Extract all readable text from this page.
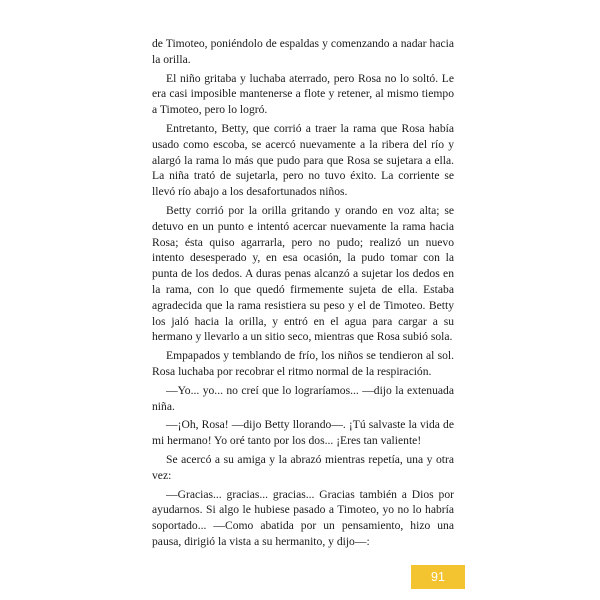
de Timoteo, poniéndolo de espaldas y comenzando a nadar hacia la orilla.

El niño gritaba y luchaba aterrado, pero Rosa no lo soltó. Le era casi imposible mantenerse a flote y retener, al mismo tiempo a Timoteo, pero lo logró.

Entretanto, Betty, que corrió a traer la rama que Rosa había usado como escoba, se acercó nuevamente a la ribera del río y alargó la rama lo más que pudo para que Rosa se sujetara a ella. La niña trató de sujetarla, pero no tuvo éxito. La corriente se llevó río abajo a los desafortunados niños.

Betty corrió por la orilla gritando y orando en voz alta; se detuvo en un punto e intentó acercar nuevamente la rama hacia Rosa; ésta quiso agarrarla, pero no pudo; realizó un nuevo intento desesperado y, en esa ocasión, la pudo tomar con la punta de los dedos. A duras penas alcanzó a sujetar los dedos en la rama, con lo que quedó firmemente sujeta de ella. Estaba agradecida que la rama resistiera su peso y el de Timoteo. Betty los jaló hacia la orilla, y entró en el agua para cargar a su hermano y llevarlo a un sitio seco, mientras que Rosa subió sola.

Empapados y temblando de frío, los niños se tendieron al sol. Rosa luchaba por recobrar el ritmo normal de la respiración.

—Yo... yo... no creí que lo lograríamos... —dijo la extenuada niña.

—¡Oh, Rosa! —dijo Betty llorando—. ¡Tú salvaste la vida de mi hermano! Yo oré tanto por los dos... ¡Eres tan valiente!

Se acercó a su amiga y la abrazó mientras repetía, una y otra vez:

—Gracias... gracias... gracias... Gracias también a Dios por ayudarnos. Si algo le hubiese pasado a Timoteo, yo no lo habría soportado... —Como abatida por un pensamiento, hizo una pausa, dirigió la vista a su hermanito, y dijo—:

91
